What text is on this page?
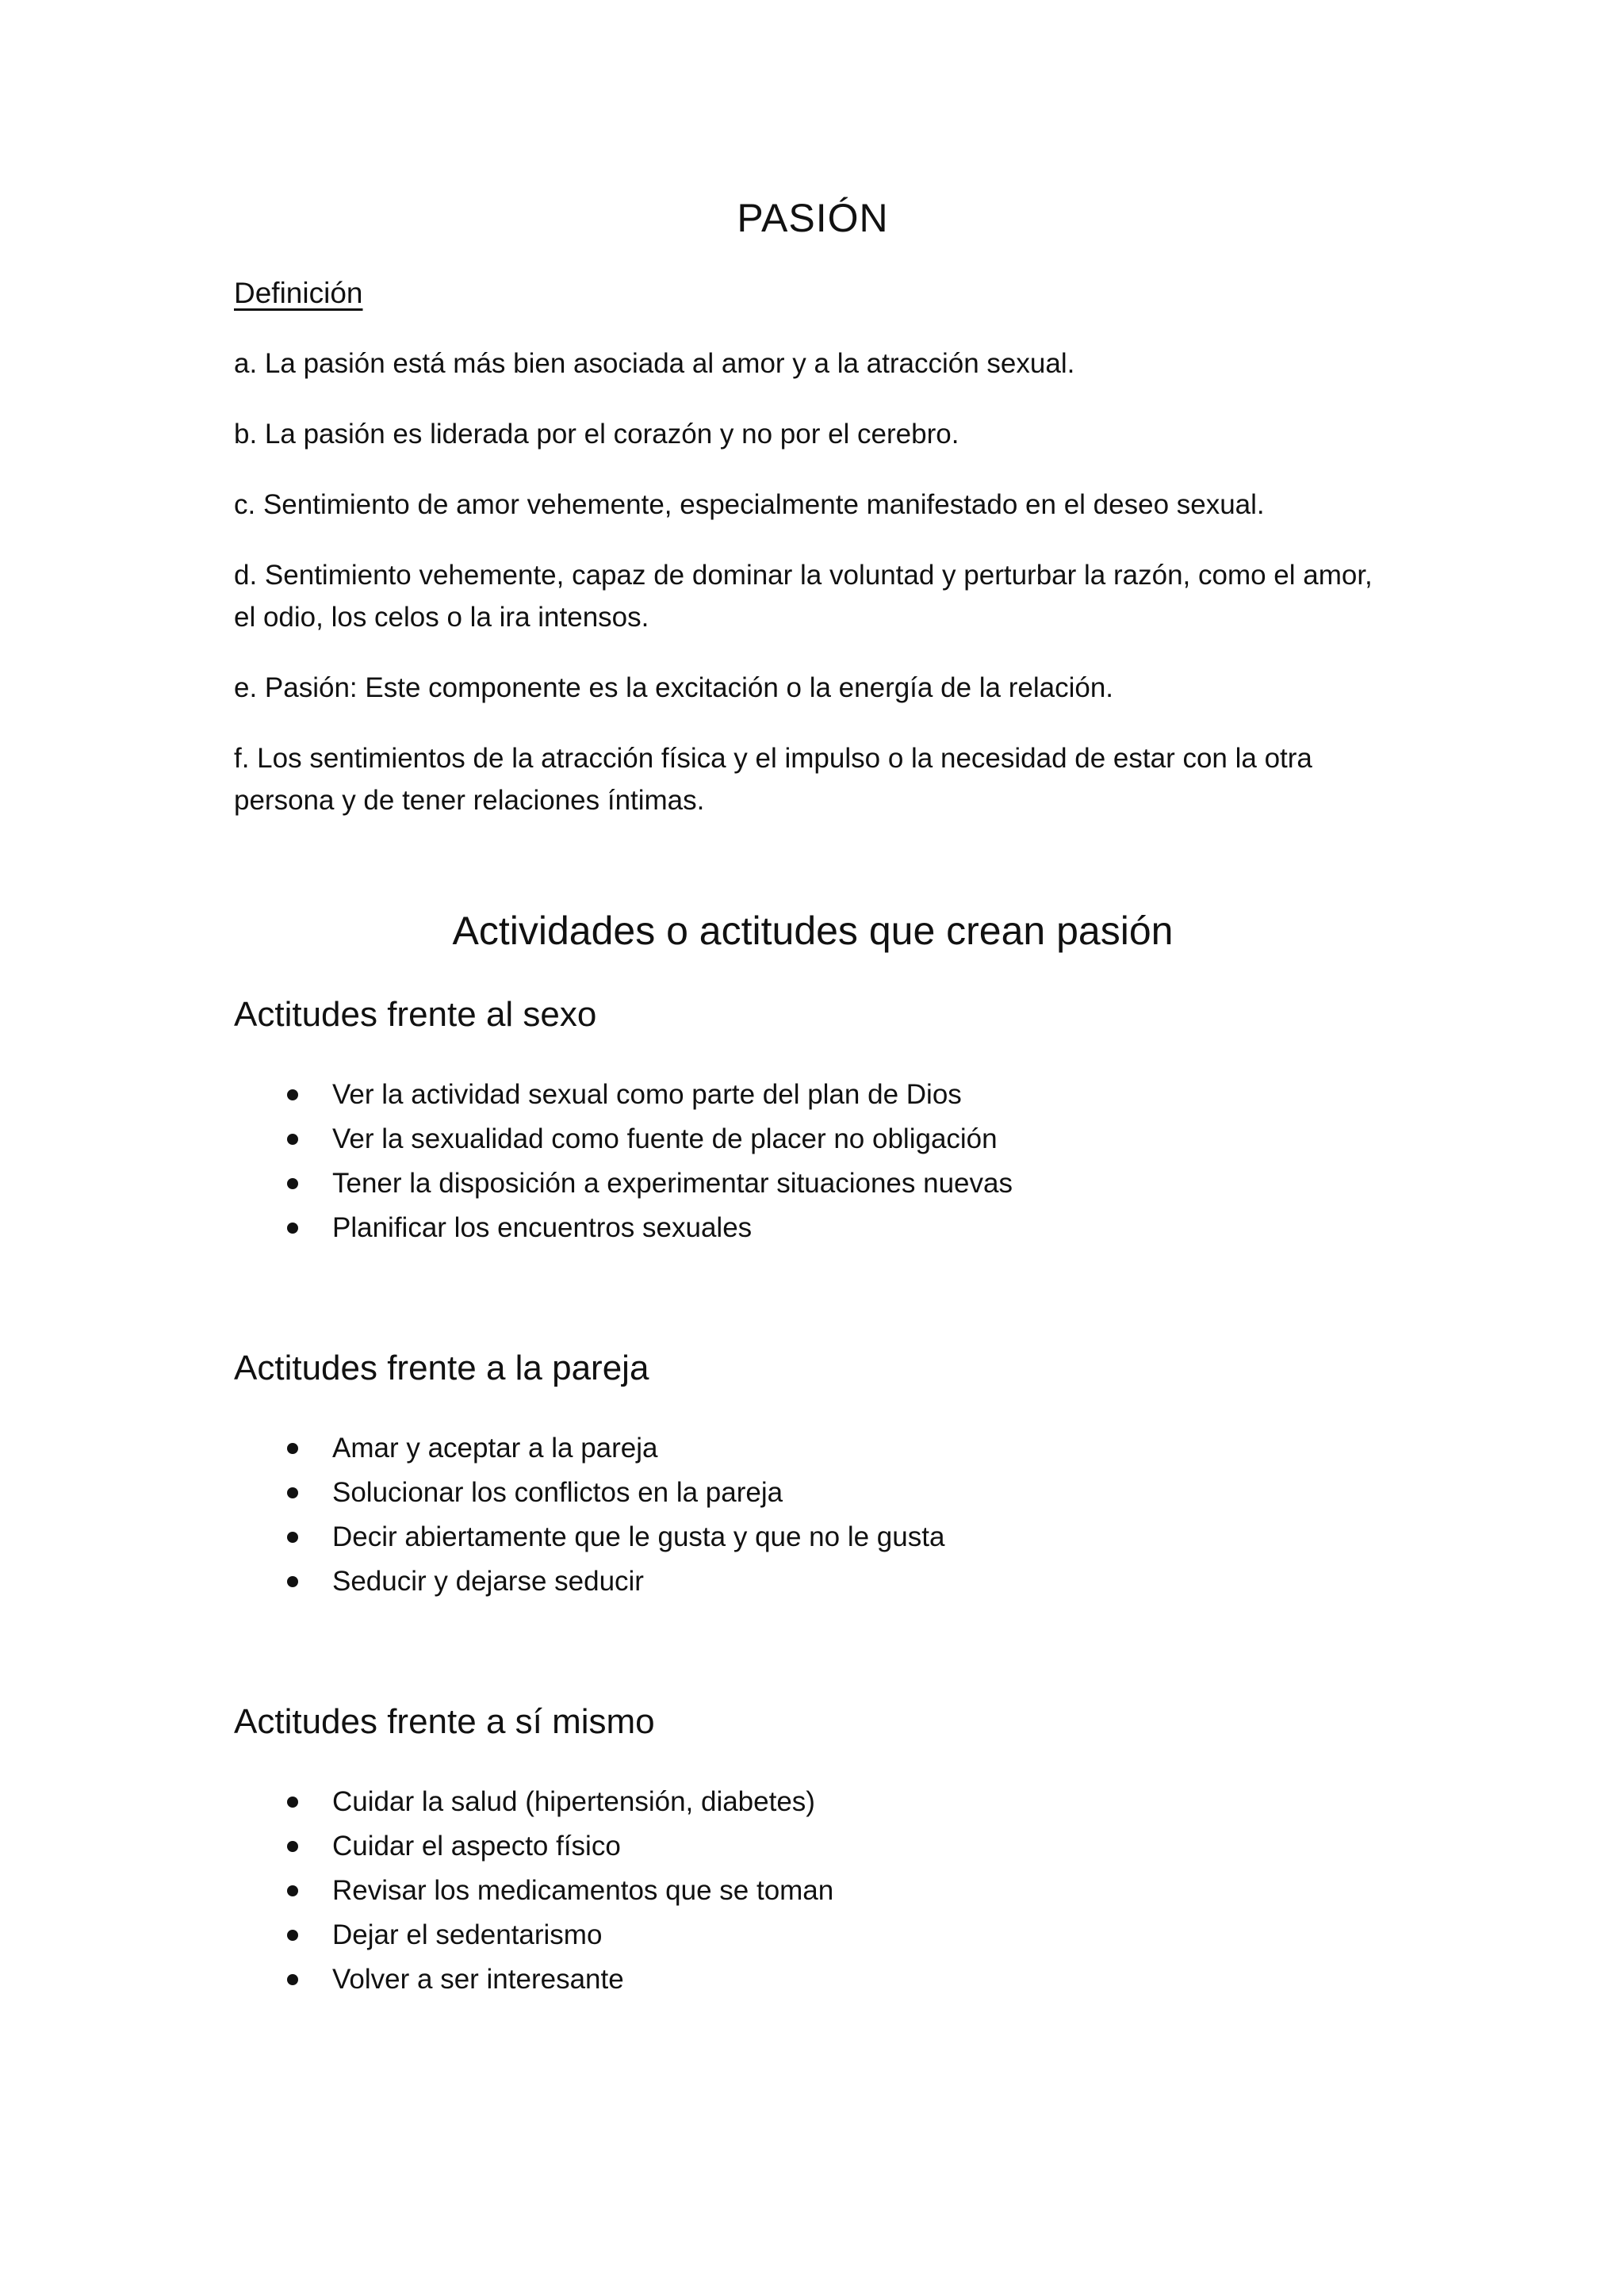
PASIÓN
Definición
a. La pasión está más bien asociada al amor y a la atracción sexual.
b. La pasión es liderada por el corazón y no por el cerebro.
c. Sentimiento de amor vehemente, especialmente manifestado en el deseo sexual.
d. Sentimiento vehemente, capaz de dominar la voluntad y perturbar la razón, como el amor, el odio, los celos o la ira intensos.
e. Pasión: Este componente es la excitación o la energía de la relación.
f. Los sentimientos de la atracción física y el impulso o la necesidad de estar con la otra persona y de tener relaciones íntimas.
Actividades o actitudes que crean pasión
Actitudes frente al sexo
Ver la actividad sexual como parte del plan de Dios
Ver la sexualidad como fuente de placer no obligación
Tener la disposición a experimentar situaciones nuevas
Planificar los encuentros sexuales
Actitudes frente a la pareja
Amar y aceptar a la pareja
Solucionar los conflictos en la pareja
Decir abiertamente que le gusta y que no le gusta
Seducir y dejarse seducir
Actitudes frente a sí mismo
Cuidar la salud (hipertensión, diabetes)
Cuidar el aspecto físico
Revisar los medicamentos que se toman
Dejar el sedentarismo
Volver a ser interesante
